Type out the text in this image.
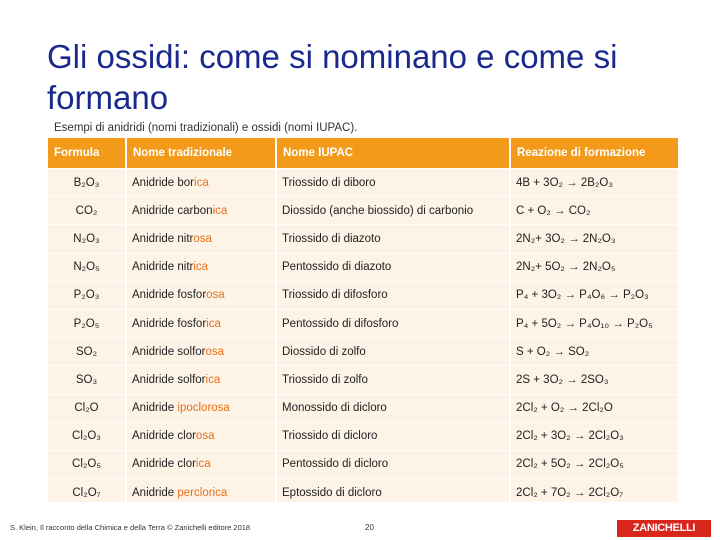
Gli ossidi: come si nominano e come si formano
Esempi di anidridi (nomi tradizionali) e ossidi (nomi IUPAC).
Formula	Nome tradizionale	Nome IUPAC	Reazione di formazione
B₂O₃	Anidride borica	Triossido di diboro	4B + 3O₂ → 2B₂O₃
CO₂	Anidride carbonica	Diossido (anche biossido) di carbonio	C + O₂ → CO₂
N₂O₃	Anidride nitrosa	Triossido di diazoto	2N₂+ 3O₂ → 2N₂O₃
N₂O₅	Anidride nitrica	Pentossido di diazoto	2N₂+ 5O₂ → 2N₂O₅
P₂O₃	Anidride fosforosa	Triossido di difosforo	P₄ + 3O₂ → P₄O₆ → P₂O₃
P₂O₅	Anidride fosforica	Pentossido di difosforo	P₄ + 5O₂ → P₄O₁₀ → P₂O₅
SO₂	Anidride solforosa	Diossido di zolfo	S + O₂ → SO₂
SO₃	Anidride solforica	Triossido di zolfo	2S + 3O₂ → 2SO₃
Cl₂O	Anidride ipoclorosa	Monossido di dicloro	2Cl₂ + O₂ → 2Cl₂O
Cl₂O₃	Anidride clorosa	Triossido di dicloro	2Cl₂ + 3O₂ → 2Cl₂O₃
Cl₂O₅	Anidride clorica	Pentossido di dicloro	2Cl₂ + 5O₂ → 2Cl₂O₅
Cl₂O₇	Anidride perclorica	Eptossido di dicloro	2Cl₂ + 7O₂ → 2Cl₂O₇
S. Klein, Il racconto della Chimica e della Terra © Zanichelli editore 2018	20	ZANICHELLI
